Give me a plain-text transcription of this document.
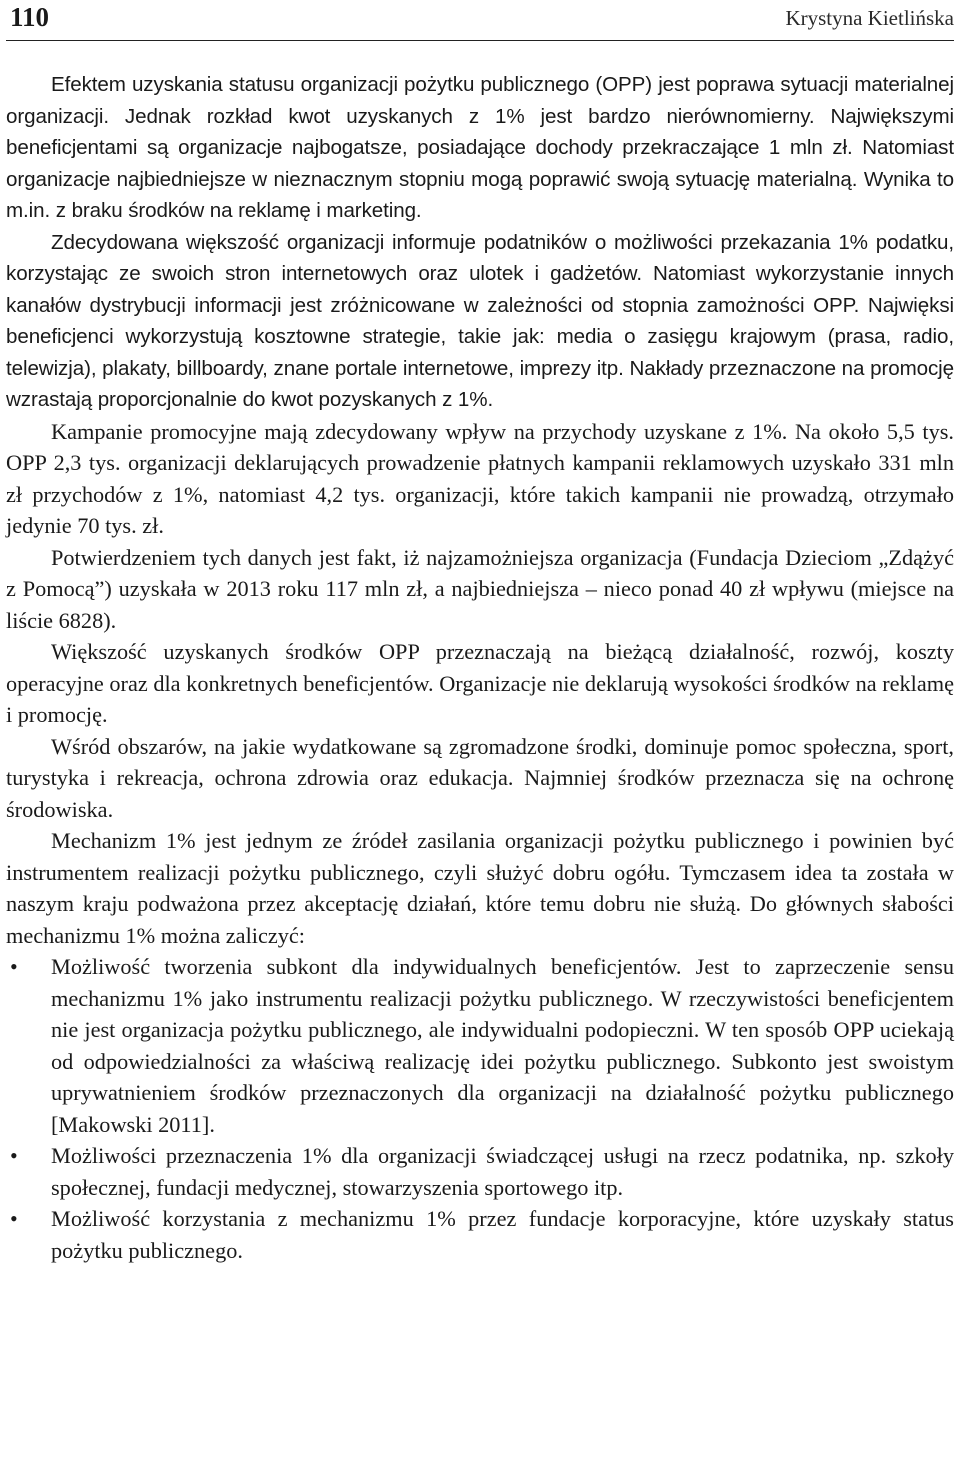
110	Krystyna Kietlińska

Efektem uzyskania statusu organizacji pożytku publicznego (OPP) jest poprawa sytuacji materialnej organizacji. Jednak rozkład kwot uzyskanych z 1% jest bardzo nierównomierny. Największymi beneficjentami są organizacje najbogatsze, posiadające dochody przekraczające 1 mln zł. Natomiast organizacje najbiedniejsze w nieznacznym stopniu mogą poprawić swoją sytuację materialną. Wynika to m.in. z braku środków na reklamę i marketing.

Zdecydowana większość organizacji informuje podatników o możliwości przekazania 1% podatku, korzystając ze swoich stron internetowych oraz ulotek i gadżetów. Natomiast wykorzystanie innych kanałów dystrybucji informacji jest zróżnicowane w zależności od stopnia zamożności OPP. Najwięksi beneficjenci wykorzystują kosztowne strategie, takie jak: media o zasięgu krajowym (prasa, radio, telewizja), plakaty, billboardy, znane portale internetowe, imprezy itp. Nakłady przeznaczone na promocję wzrastają proporcjonalnie do kwot pozyskanych z 1%.

Kampanie promocyjne mają zdecydowany wpływ na przychody uzyskane z 1%. Na około 5,5 tys. OPP 2,3 tys. organizacji deklarujących prowadzenie płatnych kampanii reklamowych uzyskało 331 mln zł przychodów z 1%, natomiast 4,2 tys. organizacji, które takich kampanii nie prowadzą, otrzymało jedynie 70 tys. zł.

Potwierdzeniem tych danych jest fakt, iż najzamożniejsza organizacja (Fundacja Dzieciom „Zdążyć z Pomocą”) uzyskała w 2013 roku 117 mln zł, a najbiedniejsza – nieco ponad 40 zł wpływu (miejsce na liście 6828).

Większość uzyskanych środków OPP przeznaczają na bieżącą działalność, rozwój, koszty operacyjne oraz dla konkretnych beneficjentów. Organizacje nie deklarują wysokości środków na reklamę i promocję.

Wśród obszarów, na jakie wydatkowane są zgromadzone środki, dominuje pomoc społeczna, sport, turystyka i rekreacja, ochrona zdrowia oraz edukacja. Najmniej środków przeznacza się na ochronę środowiska.

Mechanizm 1% jest jednym ze źródeł zasilania organizacji pożytku publicznego i powinien być instrumentem realizacji pożytku publicznego, czyli służyć dobru ogółu. Tymczasem idea ta została w naszym kraju podważona przez akceptację działań, które temu dobru nie służą. Do głównych słabości mechanizmu 1% można zaliczyć:

• Możliwość tworzenia subkont dla indywidualnych beneficjentów. Jest to zaprzeczenie sensu mechanizmu 1% jako instrumentu realizacji pożytku publicznego. W rzeczywistości beneficjentem nie jest organizacja pożytku publicznego, ale indywidualni podopieczni. W ten sposób OPP uciekają od odpowiedzialności za właściwą realizację idei pożytku publicznego. Subkonto jest swoistym uprywatnieniem środków przeznaczonych dla organizacji na działalność pożytku publicznego [Makowski 2011].
• Możliwości przeznaczenia 1% dla organizacji świadczącej usługi na rzecz podatnika, np. szkoły społecznej, fundacji medycznej, stowarzyszenia sportowego itp.
• Możliwość korzystania z mechanizmu 1% przez fundacje korporacyjne, które uzyskały status pożytku publicznego.
